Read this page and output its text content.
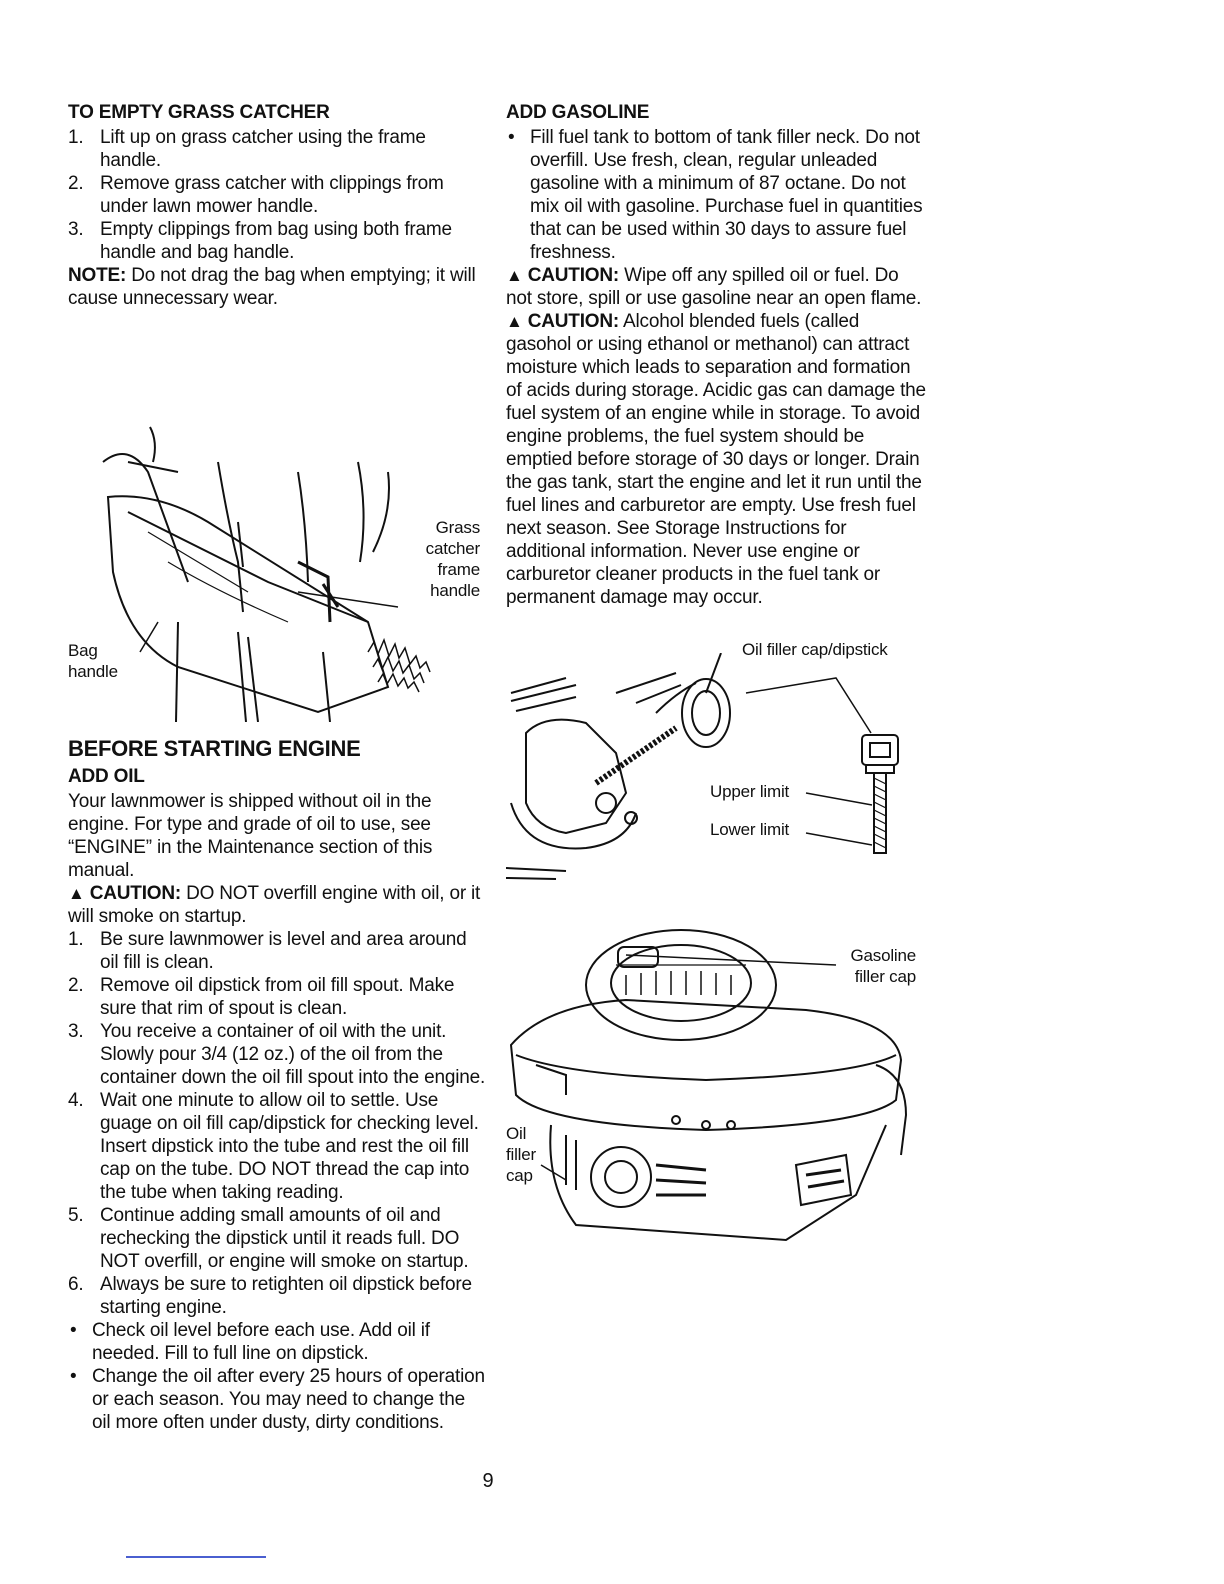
TO EMPTY GRASS CATCHER
1. Lift up on grass catcher using the frame handle.
2. Remove grass catcher with clippings from under lawn mower handle.
3. Empty clippings from bag using both frame handle and bag handle.
NOTE: Do not drag the bag when emptying; it will cause unnecessary wear.
Grass catcher frame handle
Bag handle
BEFORE STARTING ENGINE
ADD OIL
Your lawnmower is shipped without oil in the engine. For type and grade of oil to use, see “ENGINE” in the Maintenance section of this manual.
▲ CAUTION: DO NOT overfill engine with oil, or it will smoke on startup.
1. Be sure lawnmower is level and area around oil fill is clean.
2. Remove oil dipstick from oil fill spout. Make sure that rim of spout is clean.
3. You receive a container of oil with the unit. Slowly pour 3/4 (12 oz.) of the oil from the container down the oil fill spout into the engine.
4. Wait one minute to allow oil to settle. Use guage on oil fill cap/dipstick for checking level. Insert dipstick into the tube and rest the oil fill cap on the tube. DO NOT thread the cap into the tube when taking reading.
5. Continue adding small amounts of oil and rechecking the dipstick until it reads full. DO NOT overfill, or engine will smoke on startup.
6. Always be sure to retighten oil dipstick before starting engine.
• Check oil level before each use. Add oil if needed. Fill to full line on dipstick.
• Change the oil after every 25 hours of operation or each season. You may need to change the oil more often under dusty, dirty conditions.
ADD GASOLINE
• Fill fuel tank to bottom of tank filler neck. Do not overfill. Use fresh, clean, regular unleaded gasoline with a minimum of 87 octane. Do not mix oil with gasoline. Purchase fuel in quantities that can be used within 30 days to assure fuel freshness.
▲ CAUTION: Wipe off any spilled oil or fuel. Do not store, spill or use gasoline near an open flame.
▲ CAUTION: Alcohol blended fuels (called gasohol or using ethanol or methanol) can attract moisture which leads to separation and formation of acids during storage. Acidic gas can damage the fuel system of an engine while in storage. To avoid engine problems, the fuel system should be emptied before storage of 30 days or longer. Drain the gas tank, start the engine and let it run until the fuel lines and carburetor are empty. Use fresh fuel next season. See Storage Instructions for additional information. Never use engine or carburetor cleaner products in the fuel tank or permanent damage may occur.
Oil filler cap/dipstick
Upper limit
Lower limit
Gasoline filler cap
Oil filler cap
9
